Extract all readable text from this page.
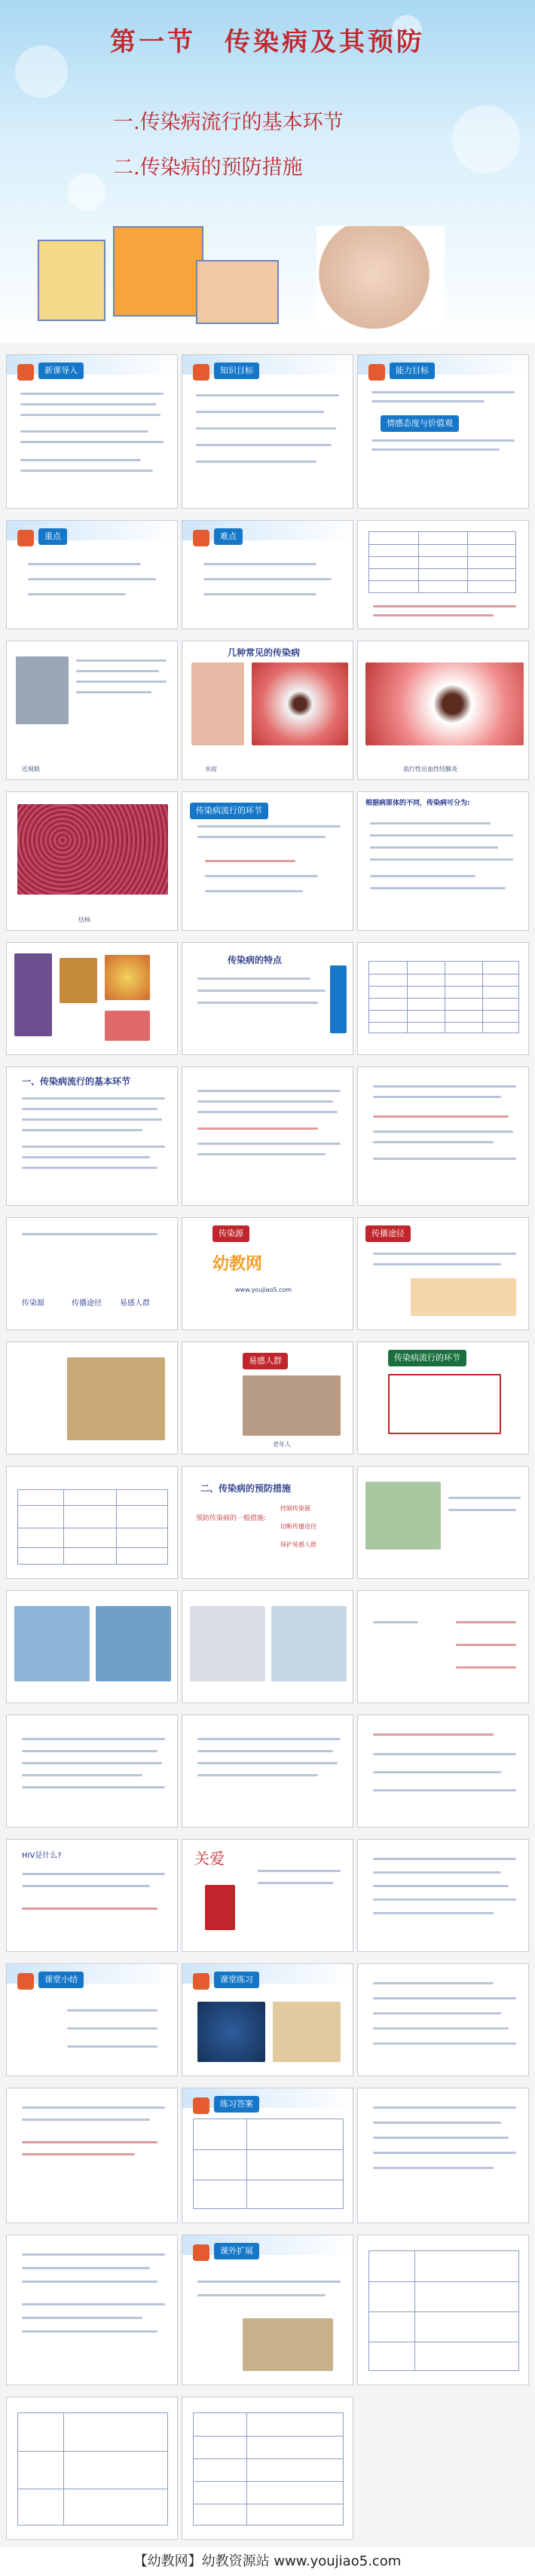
第一节　传染病及其预防
一.传染病流行的基本环节
二.传染病的预防措施
新课导入	知识目标	能力目标
情感态度与价值观
重点	难点
近视眼
几种常见的传染病
水痘	流行性出血性结膜炎
结核
传染病流行的环节
根据病原体的不同，传染病可分为:
传染病的特点
一、传染病流行的基本环节
传染源	传播途径 易感人群
传染源
幼教网
www.youjiao5.com
传播途径
易感人群
老年人
传染病流行的环节
二、传染病的预防措施
预防传染病的一般措施:
控制传染源
切断传播途径
保护易感人群
HIV是什么?	关爱
课堂小结	课堂练习
练习答案
课外扩展
【幼教网】幼教资源站 www.youjiao5.com
